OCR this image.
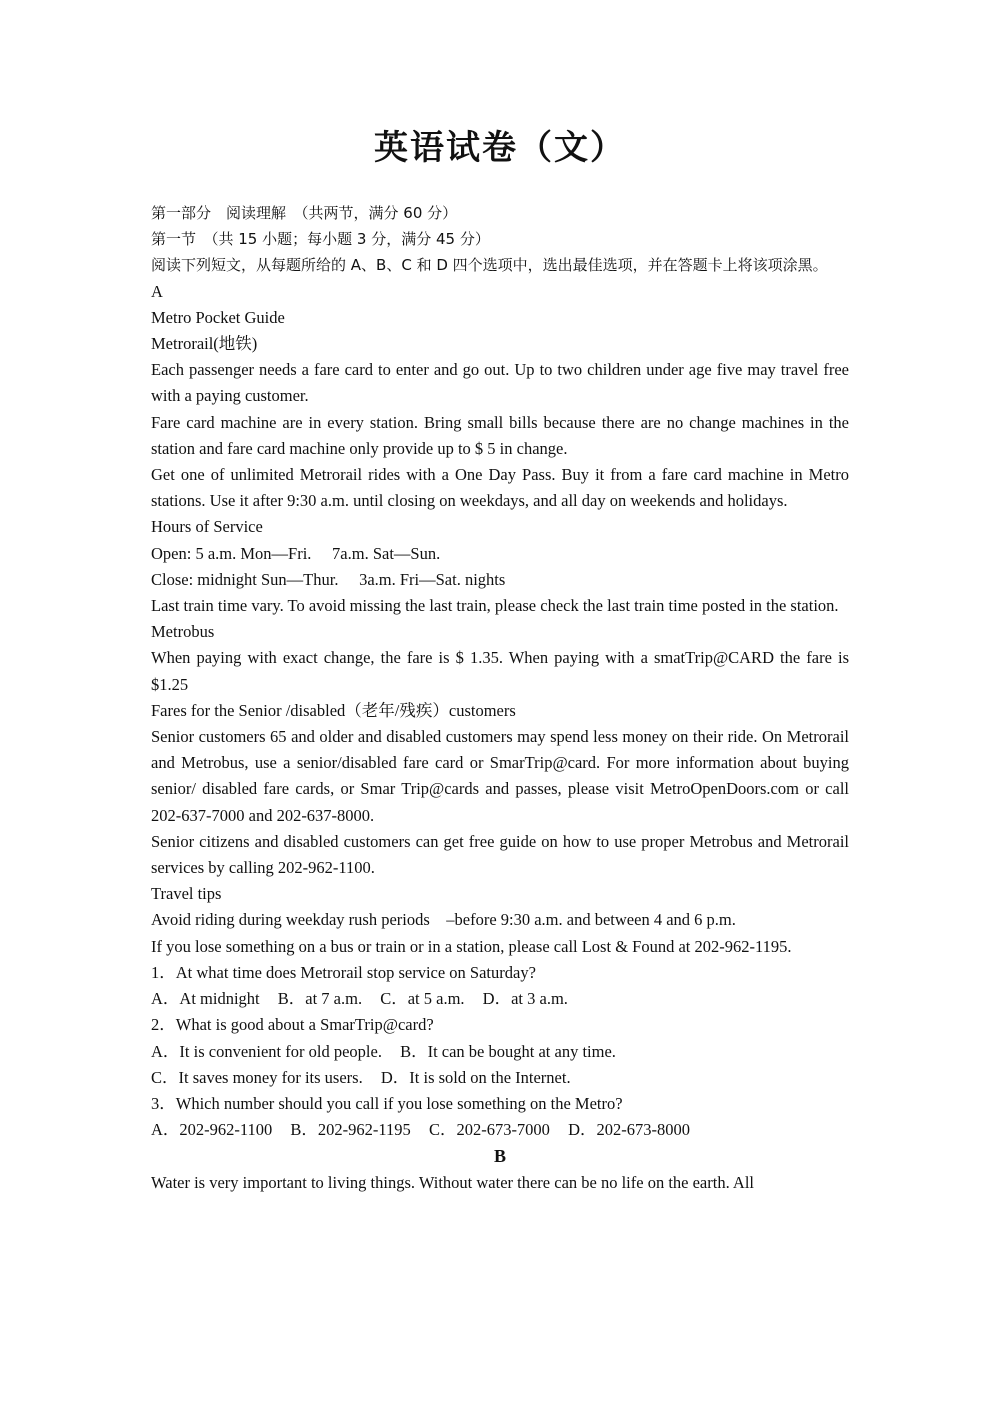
英语试卷（文）

第一部分　阅读理解　（共两节，满分 60 分）

第一节　（共 15 小题；每小题 3 分，满分 45 分）

阅读下列短文，从每题所给的 A、B、C 和 D 四个选项中，选出最佳选项，并在答题卡上将该项涂黑。

A

Metro Pocket Guide

Metrorail(地铁)

Each passenger needs a fare card to enter and go out. Up to two children under age five may travel free with a paying customer.

Fare card machine are in every station. Bring small bills because there are no change machines in the station and fare card machine only provide up to $ 5 in change.

Get one of unlimited Metrorail rides with a One Day Pass. Buy it from a fare card machine in Metro stations. Use it after 9:30 a.m. until closing on weekdays, and all day on weekends and holidays.

Hours of Service

Open: 5 a.m. Mon—Fri.　 7a.m. Sat—Sun.

Close: midnight Sun—Thur.　 3a.m. Fri—Sat. nights

Last train time vary. To avoid missing the last train, please check the last train time posted in the station.

Metrobus

When paying with exact change, the fare is $ 1.35. When paying with a smatTrip@CARD the fare is $1.25

Fares for the Senior /disabled（老年/残疾）customers

Senior customers 65 and older and disabled customers may spend less money on their ride. On Metrorail and Metrobus, use a senior/disabled fare card or SmarTrip@card. For more information about buying senior/ disabled fare cards, or Smar Trip@cards and passes, please visit MetroOpenDoors.com or call 202-637-7000 and 202-637-8000.

Senior citizens and disabled customers can get free guide on how to use proper Metrobus and Metrorail services by calling 202-962-1100.

Travel tips

Avoid riding during weekday rush periods　–before 9:30 a.m. and between 4 and 6 p.m.

If you lose something on a bus or train or in a station, please call Lost & Found at 202-962-1195.

1．At what time does Metrorail stop service on Saturday?

A．At midnight B．at 7 a.m. C．at 5 a.m. D．at 3 a.m.

2．What is good about a SmarTrip@card?

A．It is convenient for old people. B．It can be bought at any time.

C．It saves money for its users. D．It is sold on the Internet.

3．Which number should you call if you lose something on the Metro?

A．202-962-1100 B．202-962-1195 C．202-673-7000 D．202-673-8000

B

Water is very important to living things. Without water there can be no life on the earth. All
